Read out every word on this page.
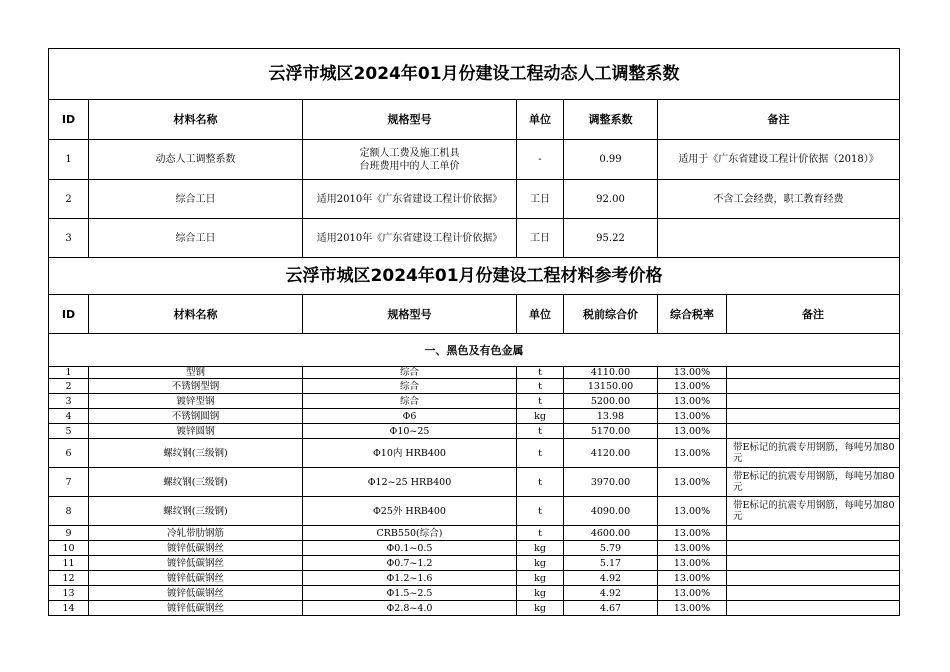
云浮市城区2024年01月份建设工程动态人工调整系数						
ID	材料名称	规格型号	单位	调整系数	备注	
1	动态人工调整系数	定额人工费及施工机具
台班费用中的人工单价	-	0.99	适用于《广东省建设工程计价依据（2018）》	
2	综合工日	适用2010年《广东省建设工程计价依据》	工日	92.00	不含工会经费，职工教育经费	
3	综合工日	适用2010年《广东省建设工程计价依据》	工日	95.22		
云浮市城区2024年01月份建设工程材料参考价格						
ID	材料名称	规格型号	单位	税前综合价	综合税率	备注
一、黑色及有色金属						
1	型钢	综合	t	4110.00	13.00%	
2	不锈钢型钢	综合	t	13150.00	13.00%	
3	镀锌型钢	综合	t	5200.00	13.00%	
4	不锈钢圆钢	Φ6	kg	13.98	13.00%	
5	镀锌圆钢	Φ10~25	t	5170.00	13.00%	
6	螺纹钢(三级钢)	Φ10内 HRB400	t	4120.00	13.00%	带E标记的抗震专用钢筋，每吨另加80元
7	螺纹钢(三级钢)	Φ12~25 HRB400	t	3970.00	13.00%	带E标记的抗震专用钢筋，每吨另加80元
8	螺纹钢(三级钢)	Φ25外 HRB400	t	4090.00	13.00%	带E标记的抗震专用钢筋，每吨另加80元
9	冷轧带肋钢筋	CRB550(综合)	t	4600.00	13.00%	
10	镀锌低碳钢丝	Φ0.1~0.5	kg	5.79	13.00%	
11	镀锌低碳钢丝	Φ0.7~1.2	kg	5.17	13.00%	
12	镀锌低碳钢丝	Φ1.2~1.6	kg	4.92	13.00%	
13	镀锌低碳钢丝	Φ1.5~2.5	kg	4.92	13.00%	
14	镀锌低碳钢丝	Φ2.8~4.0	kg	4.67	13.00%	
